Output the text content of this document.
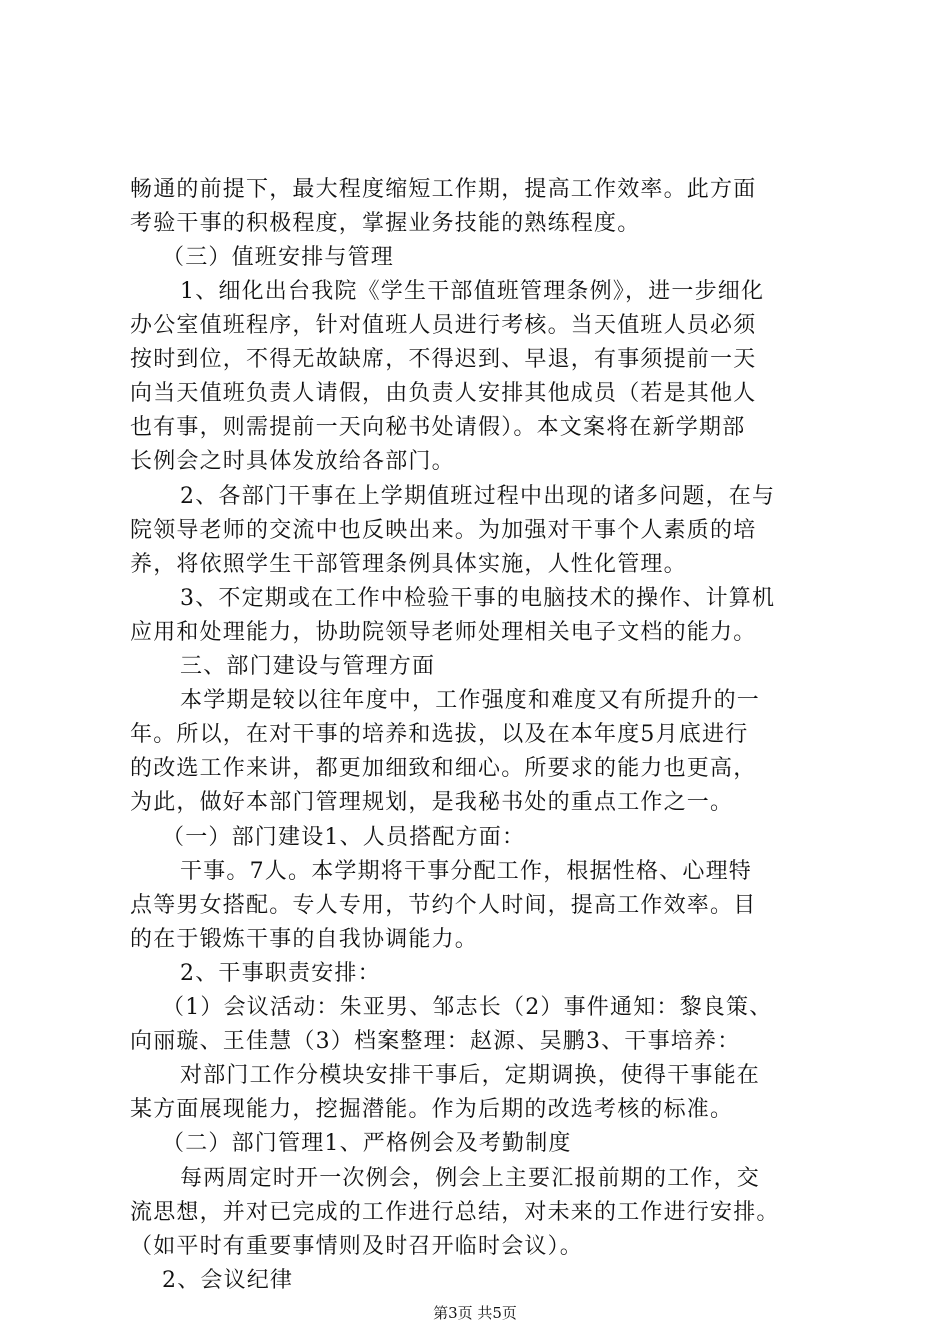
畅通的前提下，最大程度缩短工作期，提高工作效率。此方面
考验干事的积极程度，掌握业务技能的熟练程度。
（三）值班安排与管理
1、细化出台我院《学生干部值班管理条例》，进一步细化
办公室值班程序，针对值班人员进行考核。当天值班人员必须
按时到位，不得无故缺席，不得迟到、早退，有事须提前一天
向当天值班负责人请假，由负责人安排其他成员（若是其他人
也有事，则需提前一天向秘书处请假）。本文案将在新学期部
长例会之时具体发放给各部门。
2、各部门干事在上学期值班过程中出现的诸多问题，在与
院领导老师的交流中也反映出来。为加强对干事个人素质的培
养，将依照学生干部管理条例具体实施，人性化管理。
3、不定期或在工作中检验干事的电脑技术的操作、计算机
应用和处理能力，协助院领导老师处理相关电子文档的能力。
三、部门建设与管理方面
本学期是较以往年度中，工作强度和难度又有所提升的一
年。所以，在对干事的培养和选拔，以及在本年度5月底进行
的改选工作来讲，都更加细致和细心。所要求的能力也更高，
为此，做好本部门管理规划，是我秘书处的重点工作之一。
（一）部门建设1、人员搭配方面：
干事。7人。本学期将干事分配工作，根据性格、心理特
点等男女搭配。专人专用，节约个人时间，提高工作效率。目
的在于锻炼干事的自我协调能力。
2、干事职责安排：
（1）会议活动：朱亚男、邹志长（2）事件通知：黎良策、
向丽璇、王佳慧（3）档案整理：赵源、吴鹏3、干事培养：
对部门工作分模块安排干事后，定期调换，使得干事能在
某方面展现能力，挖掘潜能。作为后期的改选考核的标准。
（二）部门管理1、严格例会及考勤制度
每两周定时开一次例会，例会上主要汇报前期的工作，交
流思想，并对已完成的工作进行总结，对未来的工作进行安排。
（如平时有重要事情则及时召开临时会议）。
2、会议纪律
第3页 共5页
